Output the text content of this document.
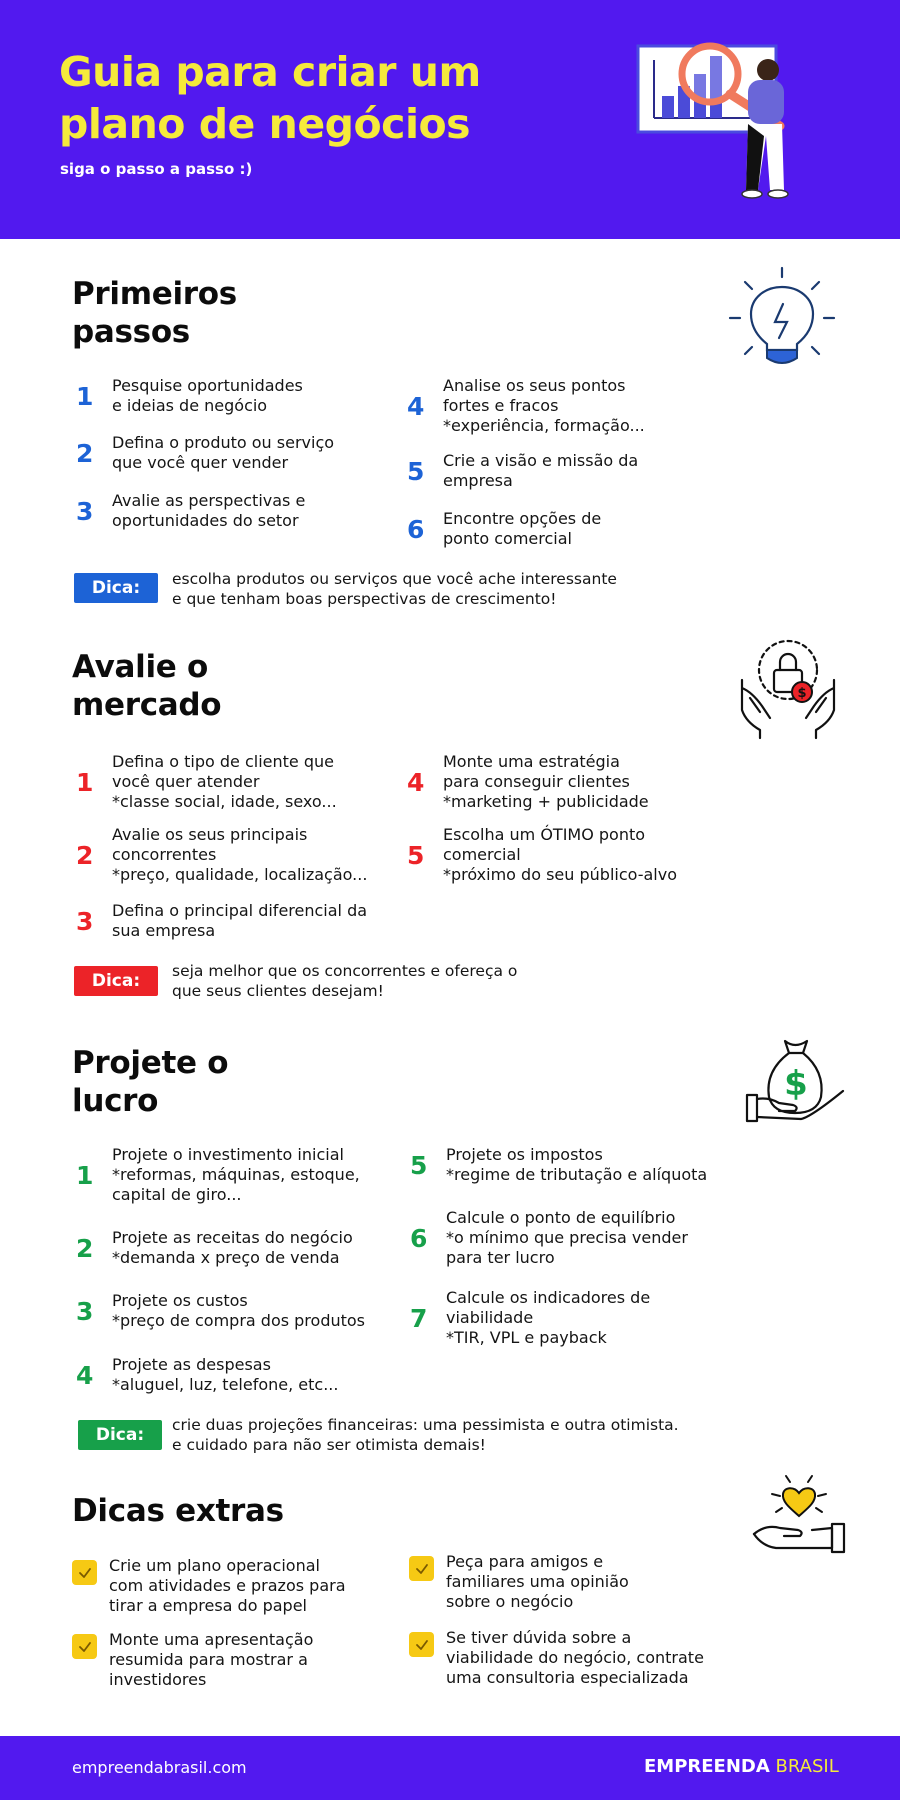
Guia para criar um
plano de negócios
siga o passo a passo :)
Primeiros
passos
1	Pesquise oportunidades
e ideias de negócio
2	Defina o produto ou serviço
que você quer vender
3	Avalie as perspectivas e
oportunidades do setor
4
Analise os seus pontos
fortes e fracos
*experiência, formação...
5	Crie a visão e missão da
empresa
6	Encontre opções de
ponto comercial
Dica:	escolha produtos ou serviços que você ache interessante
e que tenham boas perspectivas de crescimento!
Avalie o
mercado	$
1
Defina o tipo de cliente que
você quer atender
*classe social, idade, sexo...
2
Avalie os seus principais
concorrentes
*preço, qualidade, localização...
3	Defina o principal diferencial da
sua empresa
4
Monte uma estratégia
para conseguir clientes
*marketing + publicidade
5
Escolha um ÓTIMO ponto
comercial
*próximo do seu público-alvo
Dica:	seja melhor que os concorrentes e ofereça o
que seus clientes desejam!
Projete o
lucro	$
1
Projete o investimento inicial
*reformas, máquinas, estoque,
capital de giro...
2	Projete as receitas do negócio
*demanda x preço de venda
3	Projete os custos
*preço de compra dos produtos
4	Projete as despesas
*aluguel, luz, telefone, etc...
5	Projete os impostos
*regime de tributação e alíquota
6
Calcule o ponto de equilíbrio
*o mínimo que precisa vender
para ter lucro
7
Calcule os indicadores de
viabilidade
*TIR, VPL e payback
Dica:	crie duas projeções financeiras: uma pessimista e outra otimista.
e cuidado para não ser otimista demais!
Dicas extras
Crie um plano operacional
com atividades e prazos para
tirar a empresa do papel
Monte uma apresentação
resumida para mostrar a
investidores
Peça para amigos e
familiares uma opinião
sobre o negócio
Se tiver dúvida sobre a
viabilidade do negócio, contrate
uma consultoria especializada
empreendabrasil.com	EMPREENDA BRASIL
